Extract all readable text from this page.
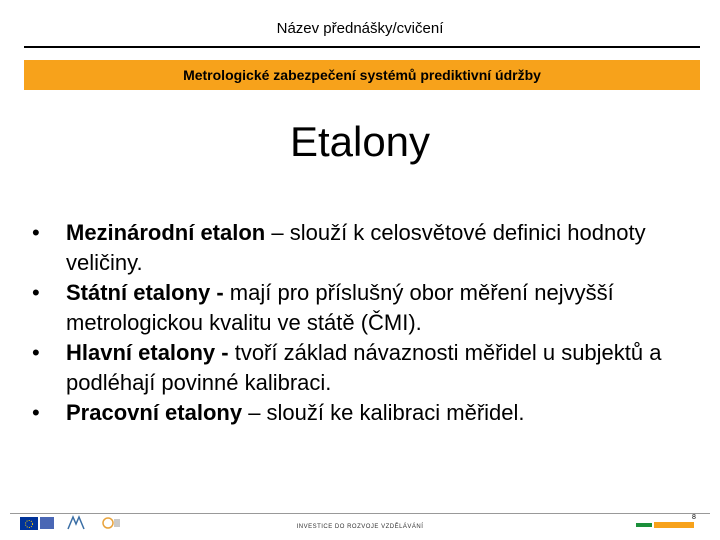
Název přednášky/cvičení
Metrologické zabezpečení systémů prediktivní údržby
Etalony
•	Mezinárodní etalon – slouží k celosvětové definici hodnoty veličiny.
•	Státní etalony - mají pro příslušný obor měření nejvyšší metrologickou kvalitu ve státě (ČMI).
•	Hlavní etalony - tvoří základ návaznosti měřidel u subjektů a podléhají povinné kalibraci.
•	Pracovní etalony – slouží ke kalibraci měřidel.
INVESTICE DO ROZVOJE VZDĚLÁVÁNÍ
8
